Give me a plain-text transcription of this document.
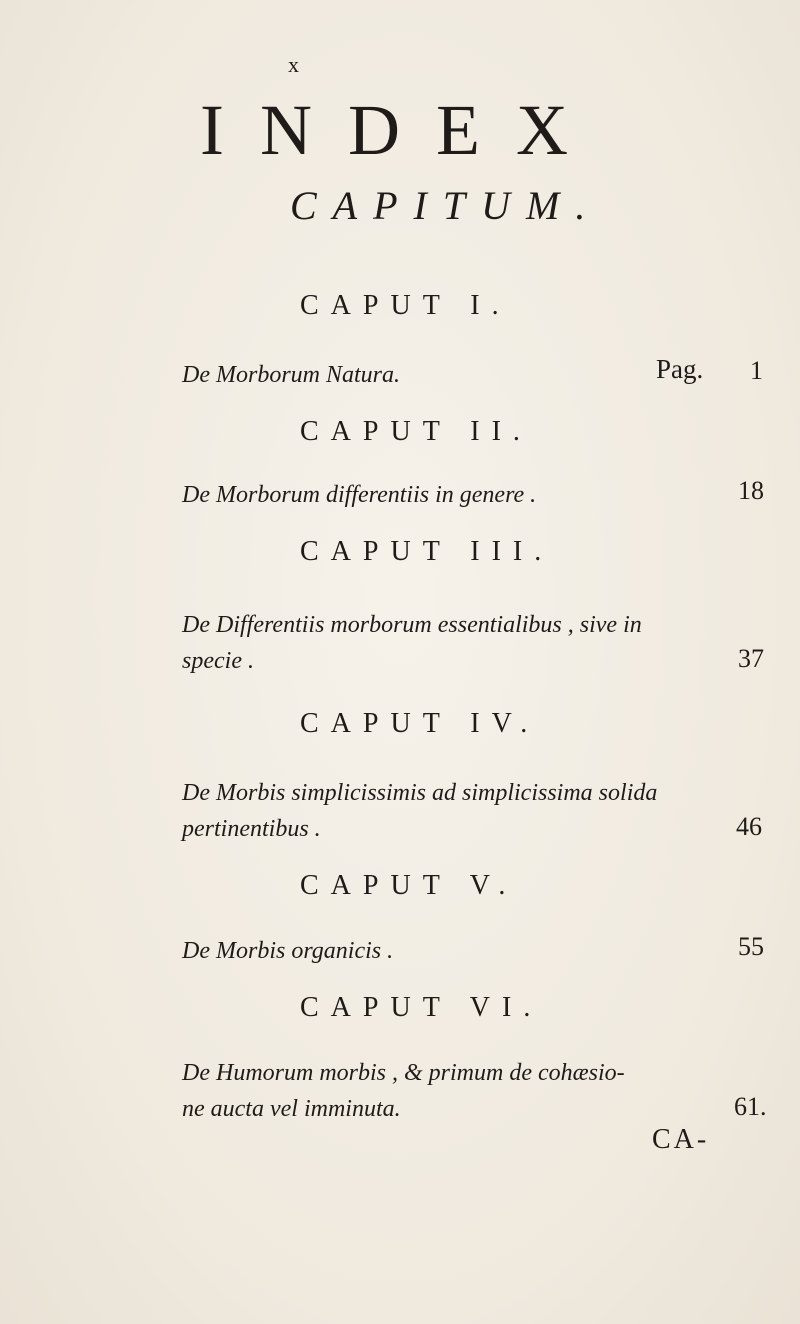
x
INDEX
CAPITUM.
CAPUT I.
De Morborum Natura.	Pag. 1
CAPUT II.
De Morborum differentiis in genere .	18
CAPUT III.
De Differentiis morborum essentialibus , sive in
specie .	37
CAPUT IV.
De Morbis simplicissimis ad simplicissima solida
pertinentibus .	46
CAPUT V.
De Morbis organicis .	55
CAPUT VI.
De Humorum morbis , & primum de cohæsio-
ne aucta vel imminuta.	61.
CA-
